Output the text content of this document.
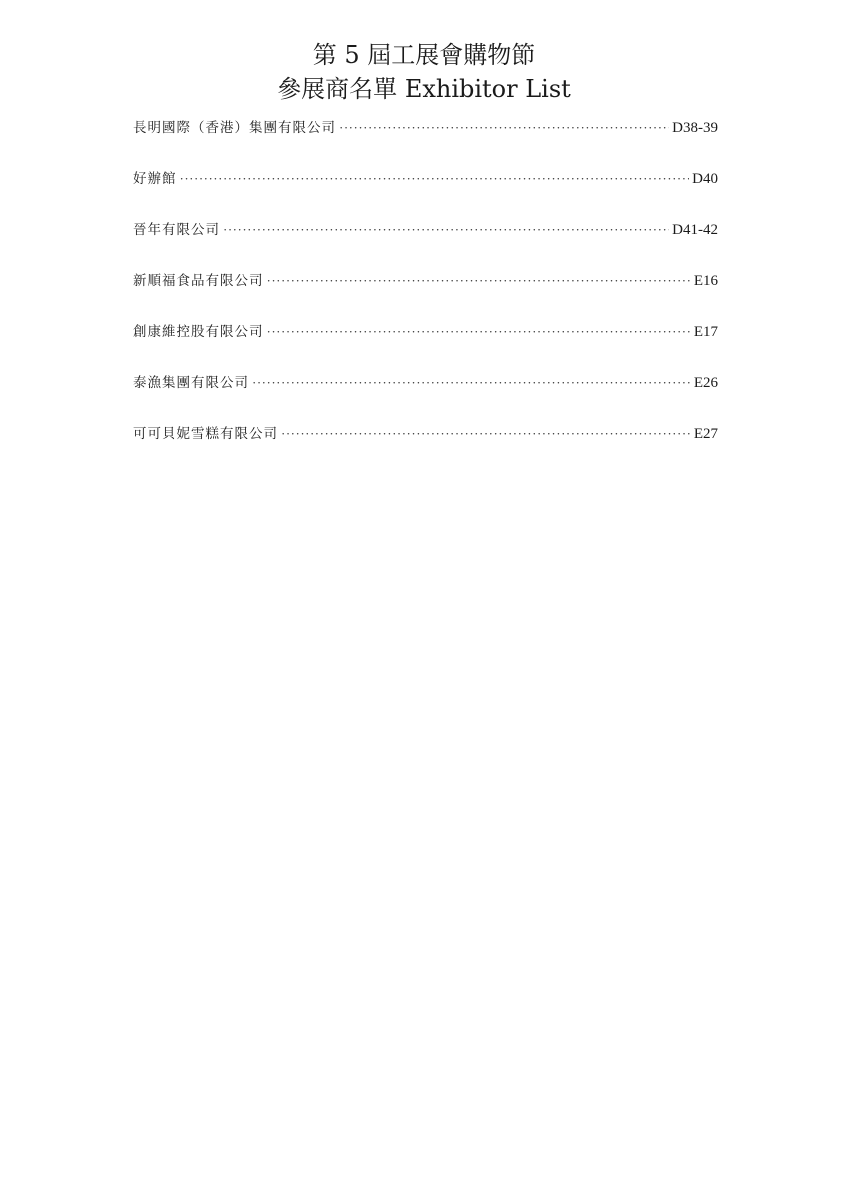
第 5 屆工展會購物節
參展商名單 Exhibitor List
長明國際（香港）集團有限公司 ·····	D38-39
好辦館 ·····	D40
晉年有限公司 ·····	D41-42
新順福食品有限公司 ·····	E16
創康維控股有限公司 ·····	E17
泰漁集團有限公司 ·····	E26
可可貝妮雪糕有限公司 ·····	E27
